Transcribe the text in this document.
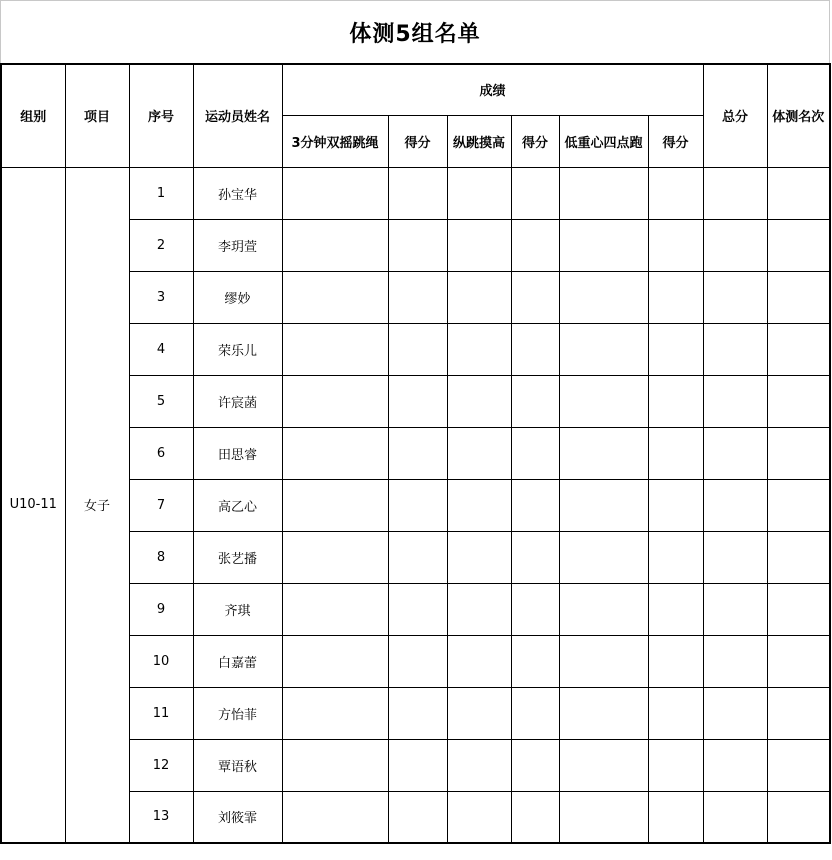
体测5组名单
组别	项目	序号	运动员姓名	成绩						总分	体测名次
				3分钟双摇跳绳	得分	纵跳摸高	得分	低重心四点跑	得分		
U10-11	女子	1	孙宝华								
		2	李玥萱								
		3	缪妙								
		4	荣乐儿								
		5	许宸菡								
		6	田思睿								
		7	高乙心								
		8	张艺播								
		9	齐琪								
		10	白嘉蕾								
		11	方怡菲								
		12	覃语秋								
		13	刘筱霏								
